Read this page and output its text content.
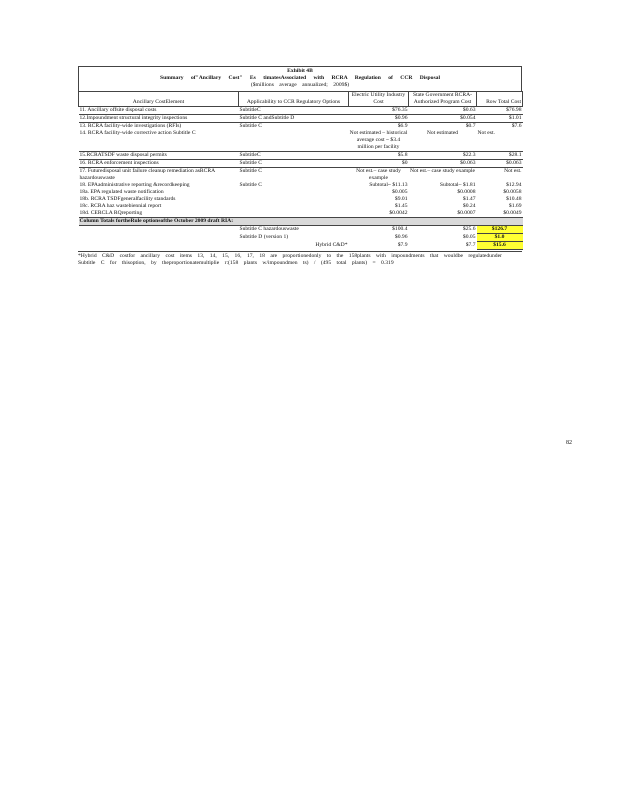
Exhibit 4B
Summary of"Ancillary Cost" Es timatesAssociated with RCRA Regulation of CCR Disposal
($millions average annualized; 2009$)
Ancillary CostElement	Applicability to CCR Regulatory Options	Electric Utility Industry Cost	State Government RCRA-Authorized Program Cost	Row Total Cost
11. Ancillary offsite disposal costs	SubtitleC	$76.35	$0.63	$76.98
12.Impoundment structural integrity inspections	Subtitle C andSubtitle D	$0.96	$0.054	$1.01
13. RCRA facility-wide investigations (RFIs)	Subtitle C	$6.9	$0.7	$7.6
14. RCRA facility-wide corrective action Subtitle C		Not estimated – historical average cost ~ $3.4 million per facility	Not estimated	Not est.
15.RCRATSDF waste disposal permits	SubtitleC	$5.8	$22.3	$28.1
16. RCRA enforcement inspections	Subtitle C	$0	$0.063	$0.063
17. Futuredisposal unit failure cleanup remediation asRCRA hazardouswaste	Subtitle C	Not est.– case study example	Not est.– case study example	Not est.
18. EPAadministrative reporting &recordkeeping	Subtitle C	Subtotal~ $11.13	Subtotal~ $1.81	$12.94
18a. EPA regulated waste notification		$0.005	$0.0008	$0.0058
18b. RCRA TSDFgeneralfacility standards		$9.01	$1.47	$10.48
18c. RCRA haz wastebiennial report		$1.45	$0.24	$1.69
18d. CERCLA RQreporting		$0.0042	$0.0007	$0.0049
Column Totals fortheRule optionsofthe October 2009 draft RIA:				
	Subtitle C hazardouswaste	$100.4	$25.6	$126.7
	Subtitle D (version 1)	$0.96	$0.05	$1.0
	Hybrid C&D*	$7.9	$7.7	$15.6
*Hybrid C&D costfor ancillary cost items 13, 14, 15, 16, 17, 18 are proportionedonly to the 158plants with impoundments that wouldbe regulatedunder Subtitle C for thisoption, by theproportionatemultiplie r:(158 plants w/impoundmen ts) / (495 total plants) = 0.319
82
